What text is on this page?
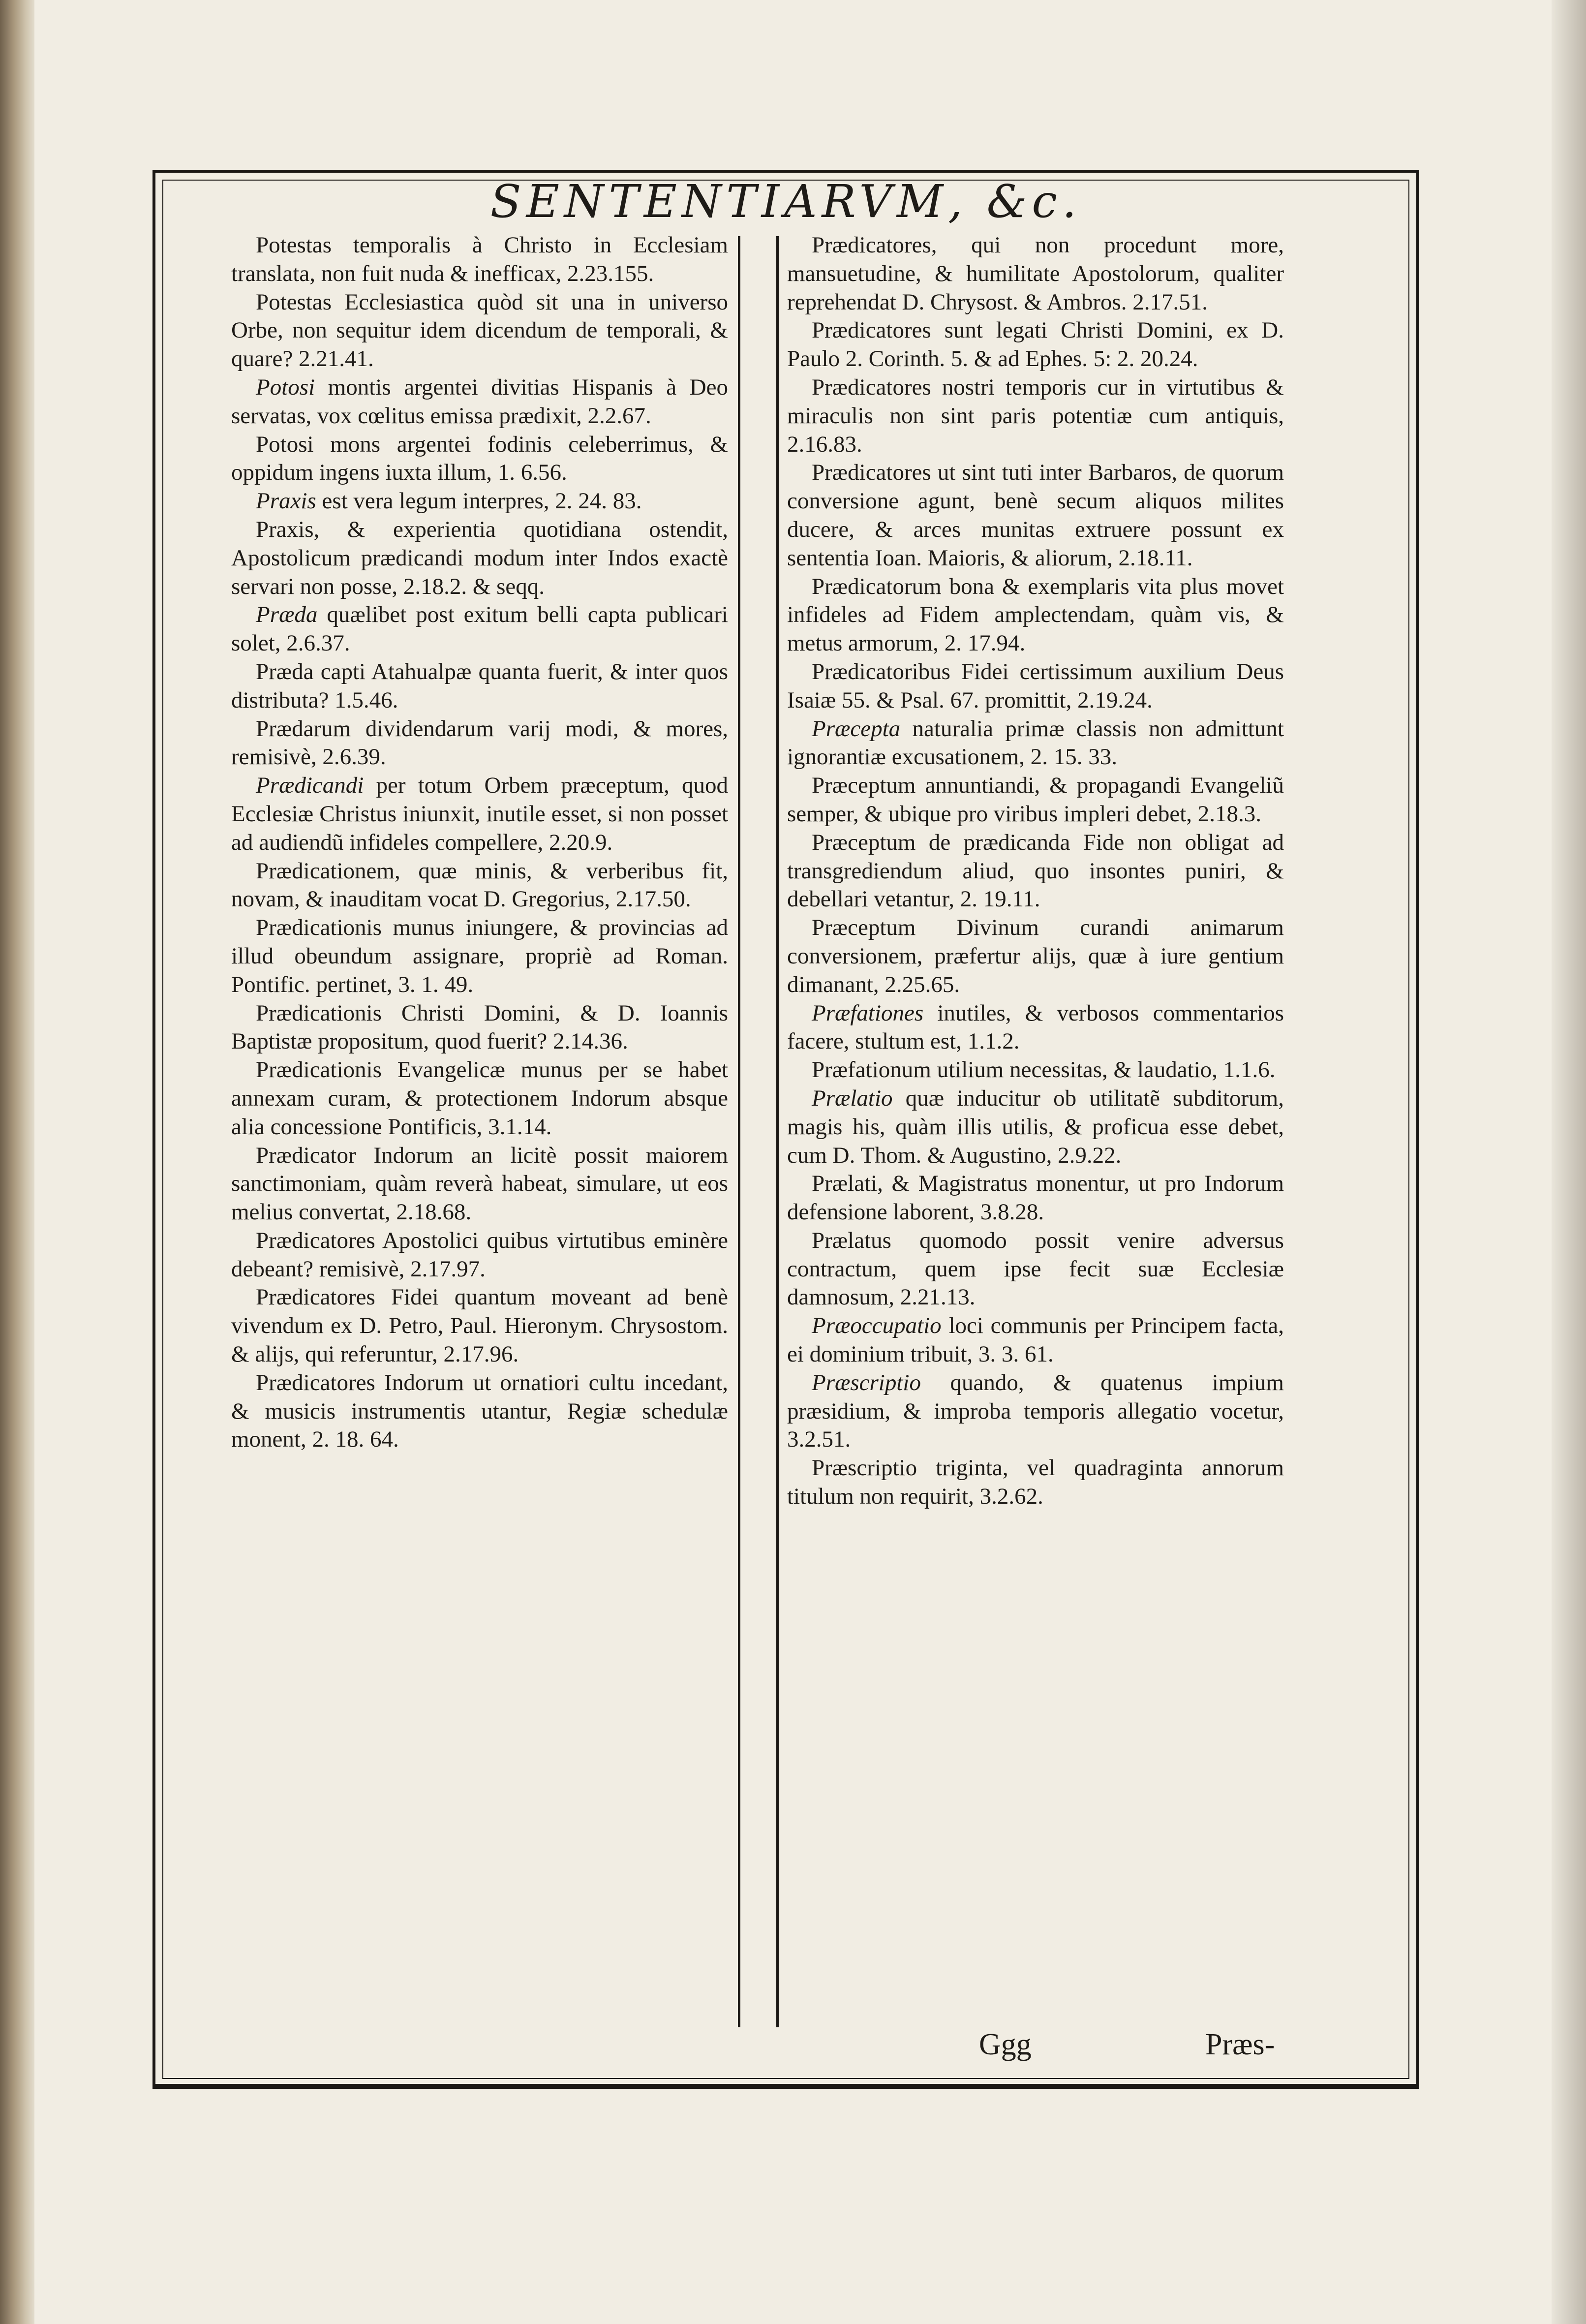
SENTENTIARVM, &c.

Potestas temporalis à Christo in Ecclesiam translata, non fuit nuda & inefficax, 2.23.155.

Potestas Ecclesiastica quòd sit una in universo Orbe, non sequitur idem dicendum de temporali, & quare? 2.21.41.

Potosi montis argentei divitias Hispanis à Deo servatas, vox cœlitus emissa prædixit, 2.2.67.

Potosi mons argentei fodinis celeberrimus, & oppidum ingens iuxta illum, 1. 6.56.

Praxis est vera legum interpres, 2. 24. 83.

Praxis, & experientia quotidiana ostendit, Apostolicum prædicandi modum inter Indos exactè servari non posse, 2.18.2. & seqq.

Præda quælibet post exitum belli capta publicari solet, 2.6.37.

Præda capti Atahualpæ quanta fuerit, & inter quos distributa? 1.5.46.

Prædarum dividendarum varij modi, & mores, remisivè, 2.6.39.

Prædicandi per totum Orbem præceptum, quod Ecclesiæ Christus iniunxit, inutile esset, si non posset ad audiendũ infideles compellere, 2.20.9.

Prædicationem, quæ minis, & verberibus fit, novam, & inauditam vocat D. Gregorius, 2.17.50.

Prædicationis munus iniungere, & provincias ad illud obeundum assignare, propriè ad Roman. Pontific. pertinet, 3. 1. 49.

Prædicationis Christi Domini, & D. Ioannis Baptistæ propositum, quod fuerit? 2.14.36.

Prædicationis Evangelicæ munus per se habet annexam curam, & protectionem Indorum absque alia concessione Pontificis, 3.1.14.

Prædicator Indorum an licitè possit maiorem sanctimoniam, quàm reverà habeat, simulare, ut eos melius convertat, 2.18.68.

Prædicatores Apostolici quibus virtutibus eminère debeant? remisivè, 2.17.97.

Prædicatores Fidei quantum moveant ad benè vivendum ex D. Petro, Paul. Hieronym. Chrysostom. & alijs, qui referuntur, 2.17.96.

Prædicatores Indorum ut ornatiori cultu incedant, & musicis instrumentis utantur, Regiæ schedulæ monent, 2. 18. 64.

Prædicatores, qui non procedunt more, mansuetudine, & humilitate Apostolorum, qualiter reprehendat D. Chrysost. & Ambros. 2.17.51.

Prædicatores sunt legati Christi Domini, ex D. Paulo 2. Corinth. 5. & ad Ephes. 5: 2. 20.24.

Prædicatores nostri temporis cur in virtutibus & miraculis non sint paris potentiæ cum antiquis, 2.16.83.

Prædicatores ut sint tuti inter Barbaros, de quorum conversione agunt, benè secum aliquos milites ducere, & arces munitas extruere possunt ex sententia Ioan. Maioris, & aliorum, 2.18.11.

Prædicatorum bona & exemplaris vita plus movet infideles ad Fidem amplectendam, quàm vis, & metus armorum, 2. 17.94.

Prædicatoribus Fidei certissimum auxilium Deus Isaiæ 55. & Psal. 67. promittit, 2.19.24.

Præcepta naturalia primæ classis non admittunt ignorantiæ excusationem, 2. 15. 33.

Præceptum annuntiandi, & propagandi Evangeliũ semper, & ubique pro viribus impleri debet, 2.18.3.

Præceptum de prædicanda Fide non obligat ad transgrediendum aliud, quo insontes puniri, & debellari vetantur, 2. 19.11.

Præceptum Divinum curandi animarum conversionem, præfertur alijs, quæ à iure gentium dimanant, 2.25.65.

Præfationes inutiles, & verbosos commentarios facere, stultum est, 1.1.2.

Præfationum utilium necessitas, & laudatio, 1.1.6.

Prælatio quæ inducitur ob utilitatẽ subditorum, magis his, quàm illis utilis, & proficua esse debet, cum D. Thom. & Augustino, 2.9.22.

Prælati, & Magistratus monentur, ut pro Indorum defensione laborent, 3.8.28.

Prælatus quomodo possit venire adversus contractum, quem ipse fecit suæ Ecclesiæ damnosum, 2.21.13.

Præoccupatio loci communis per Principem facta, ei dominium tribuit, 3. 3. 61.

Præscriptio quando, & quatenus impium præsidium, & improba temporis allegatio vocetur, 3.2.51.

Præscriptio triginta, vel quadraginta annorum titulum non requirit, 3.2.62.

Ggg	Præs-
